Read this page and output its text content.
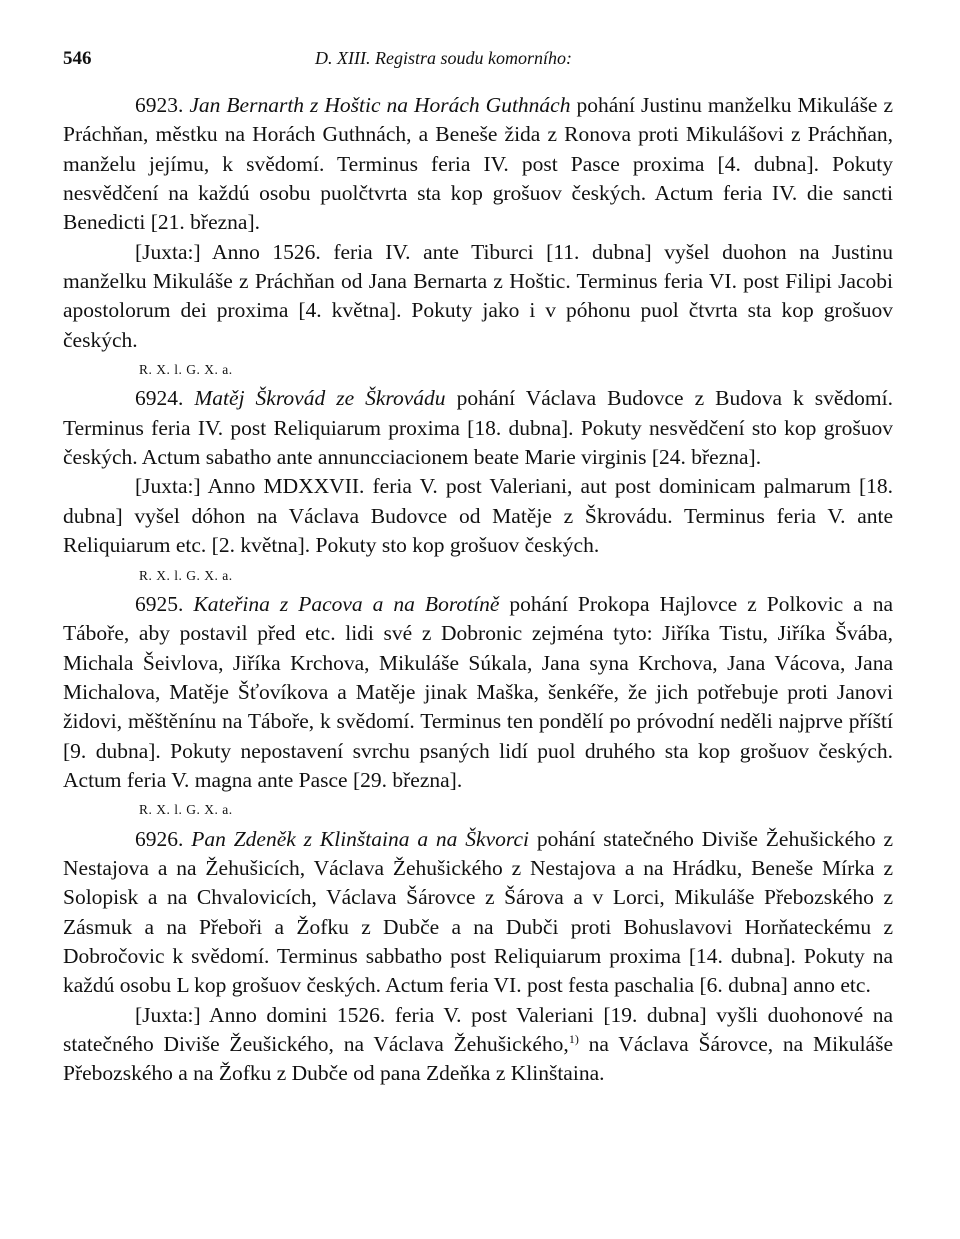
546	D. XIII. Registra soudu komorního:

6923. Jan Bernarth z Hoštic na Horách Guthnách pohání Justinu manželku Mikuláše z Práchňan, městku na Horách Guthnách, a Beneše žida z Ronova proti Mikulášovi z Práchňan, manželu jejímu, k svědomí. Terminus feria IV. post Pasce proxima [4. dubna]. Pokuty nesvědčení na každú osobu puolčtvrta sta kop grošuov českých. Actum feria IV. die sancti Benedicti [21. března].

[Juxta:] Anno 1526. feria IV. ante Tiburci [11. dubna] vyšel duohon na Justinu manželku Mikuláše z Práchňan od Jana Bernarta z Hoštic. Terminus feria VI. post Filipi Jacobi apostolorum dei proxima [4. května]. Pokuty jako i v póhonu puol čtvrta sta kop grošuov českých.

R. X. l. G. X. a.

6924. Matěj Škrovád ze Škrovádu pohání Václava Budovce z Budova k svědomí. Terminus feria IV. post Reliquiarum proxima [18. dubna]. Pokuty nesvědčení sto kop grošuov českých. Actum sabatho ante annuncciacionem beate Marie virginis [24. března].

[Juxta:] Anno MDXXVII. feria V. post Valeriani, aut post dominicam palmarum [18. dubna] vyšel dóhon na Václava Budovce od Matěje z Škrovádu. Terminus feria V. ante Reliquiarum etc. [2. května]. Pokuty sto kop grošuov českých.

R. X. l. G. X. a.

6925. Kateřina z Pacova a na Borotíně pohání Prokopa Hajlovce z Polkovic a na Táboře, aby postavil před etc. lidi své z Dobronic zejména tyto: Jiříka Tistu, Jiříka Švába, Michala Šeivlova, Jiříka Krchova, Mikuláše Súkala, Jana syna Krchova, Jana Vácova, Jana Michalova, Matěje Šťovíkova a Matěje jinak Maška, šenkéře, že jich potřebuje proti Janovi židovi, měštěnínu na Táboře, k svědomí. Terminus ten pondělí po próvodní neděli najprve příští [9. dubna]. Pokuty nepostavení svrchu psaných lidí puol druhého sta kop grošuov českých. Actum feria V. magna ante Pasce [29. března].

R. X. l. G. X. a.

6926. Pan Zdeněk z Klinštaina a na Škvorci pohání statečného Diviše Žehušického z Nestajova a na Žehušicích, Václava Žehušického z Nestajova a na Hrádku, Beneše Mírka z Solopisk a na Chvalovicích, Václava Šárovce z Šárova a v Lorci, Mikuláše Přebozského z Zásmuk a na Přeboři a Žofku z Dubče a na Dubči proti Bohuslavovi Horňateckému z Dobročovic k svědomí. Terminus sabbatho post Reliquiarum proxima [14. dubna]. Pokuty na každú osobu L kop grošuov českých. Actum feria VI. post festa paschalia [6. dubna] anno etc.

[Juxta:] Anno domini 1526. feria V. post Valeriani [19. dubna] vyšli duohonové na statečného Diviše Žeušického, na Václava Žehušického,$^{1)}$ na Václava Šárovce, na Mikuláše Přebozského a na Žofku z Dubče od pana Zdeňka z Klinštaina.
